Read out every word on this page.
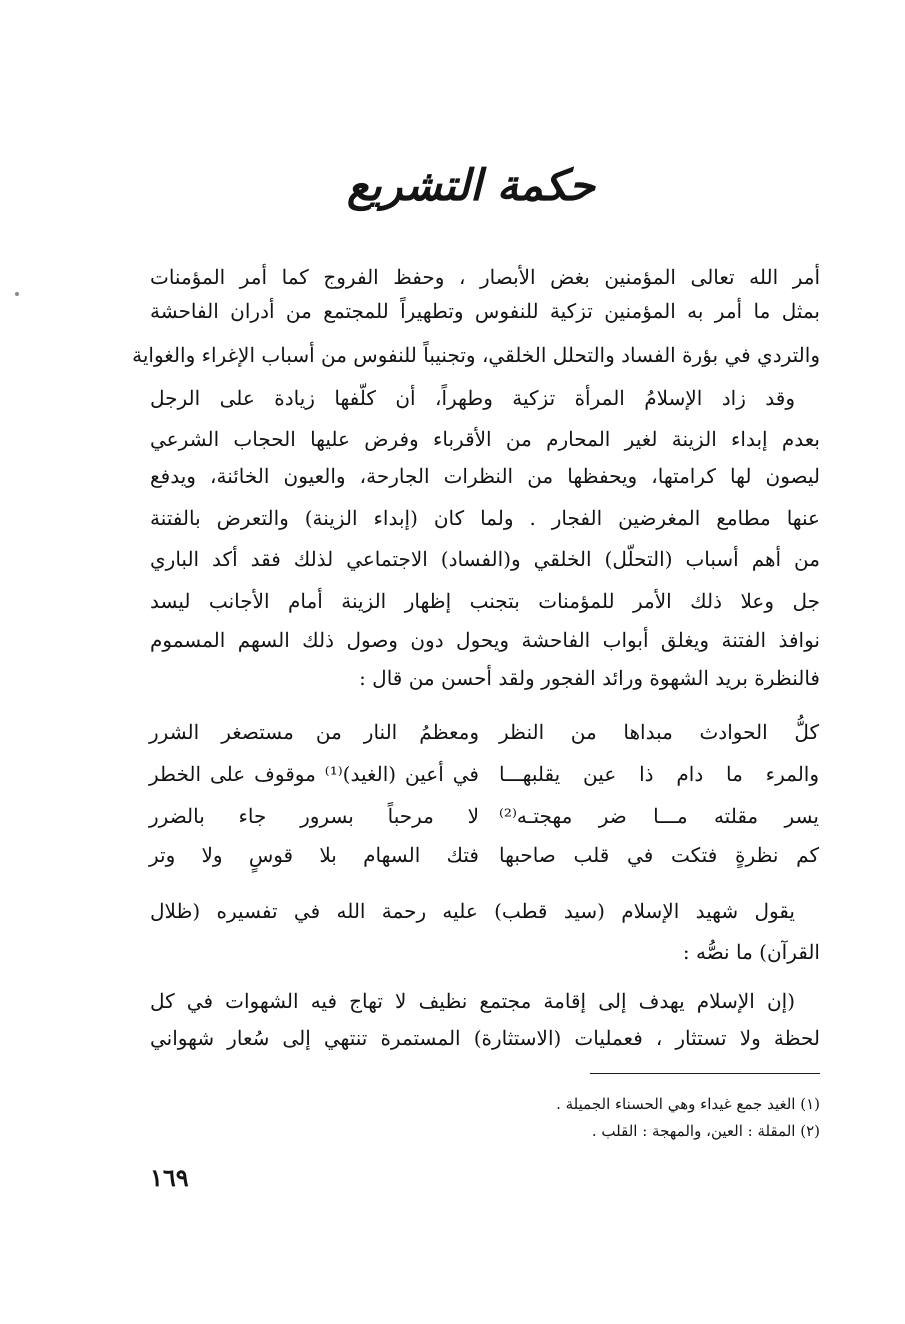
حكمة التشريع
أمر الله تعالى المؤمنين بغض الأبصار ، وحفظ الفروج كما أمر المؤمنات
بمثل ما أمر به المؤمنين تزكية للنفوس وتطهيراً للمجتمع من أدران الفاحشة
والتردي في بؤرة الفساد والتحلل الخلقي، وتجنيباً للنفوس من أسباب الإغراء والغواية
وقد زاد الإسلامُ المرأة تزكية وطهراً، أن كلّفها زيادة على الرجل
بعدم إبداء الزينة لغير المحارم من الأقرباء وفرض عليها الحجاب الشرعي
ليصون لها كرامتها، ويحفظها من النظرات الجارحة، والعيون الخائنة، ويدفع
عنها مطامع المغرضين الفجار . ولما كان (إبداء الزينة) والتعرض بالفتنة
من أهم أسباب (التحلّل) الخلقي و(الفساد) الاجتماعي لذلك فقد أكد الباري
جل وعلا ذلك الأمر للمؤمنات بتجنب إظهار الزينة أمام الأجانب ليسد
نوافذ الفتنة ويغلق أبواب الفاحشة ويحول دون وصول ذلك السهم المسموم
فالنظرة بريد الشهوة ورائد الفجور ولقد أحسن من قال :
كلُّ الحوادث مبداها من النظر
ومعظمُ النار من مستصغر الشرر
والمرء ما دام ذا عين يقلبهـــا
في أعين (الغيد)⁽¹⁾ موقوف على الخطر
يسر مقلته مـــا ضر مهجتـه⁽²⁾
لا مرحباً بسرور جاء بالضرر
كم نظرةٍ فتكت في قلب صاحبها
فتك السهام بلا قوسٍ ولا وتر
يقول شهيد الإسلام (سيد قطب) عليه رحمة الله في تفسيره (ظلال
القرآن) ما نصُّه :
(إن الإسلام يهدف إلى إقامة مجتمع نظيف لا تهاج فيه الشهوات في كل
لحظة ولا تستثار ، فعمليات (الاستثارة) المستمرة تنتهي إلى سُعار شهواني
(١) الغيد جمع غيداء وهي الحسناء الجميلة .
(٢) المقلة : العين، والمهجة : القلب .
١٦٩
